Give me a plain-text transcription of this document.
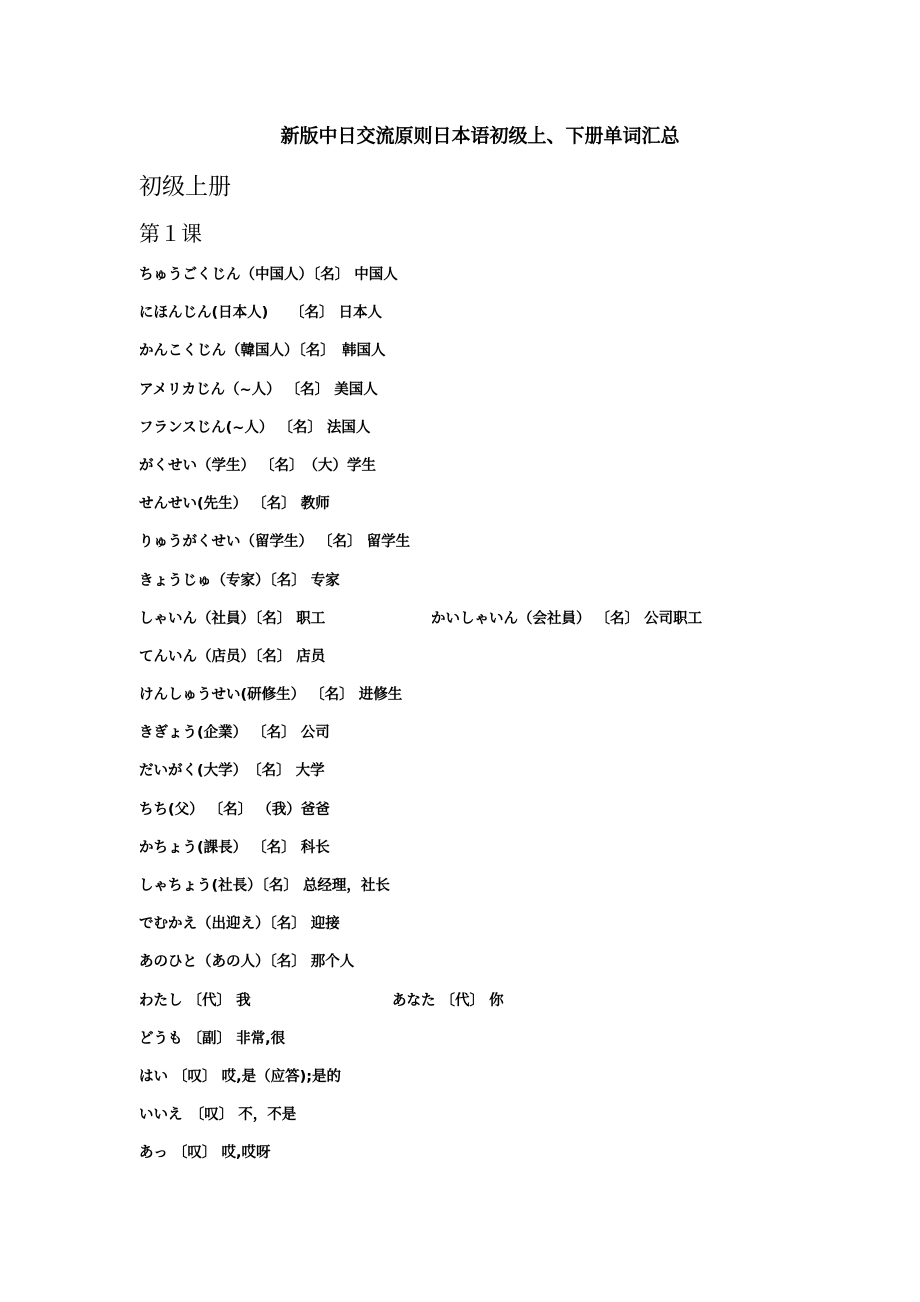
新版中日交流原则日本语初级上、下册单词汇总
初级上册
第１课
ちゅうごくじん（中国人）〔名〕 中国人
にほんじん(日本人)　　〔名〕 日本人
かんこくじん（韓国人）〔名〕　韩国人
アメリカじん（~人） 〔名〕 美国人
フランスじん(~人） 〔名〕 法国人
がくせい（学生） 〔名〕　（大）学生
せんせい(先生） 〔名〕 教师
りゅうがくせい（留学生） 〔名〕 留学生
きょうじゅ（专家）〔名〕 专家

しゃいん（社員）〔名〕 职工

	かいしゃいん（会社員） 〔名〕 公司职工

てんいん（店员）〔名〕 店员
けんしゅうせい(研修生） 〔名〕 进修生
きぎょう(企業） 〔名〕 公司
だいがく(大学）　〔名〕 大学
ちち(父） 〔名〕 （我）爸爸
かちょう(課長） 〔名〕 科长
しゃちょう(社長）〔名〕 总经理，社长
でむかえ（出迎え）〔名〕 迎接
あのひと（あの人）〔名〕 那个人

わたし 〔代〕 我

	あなた 〔代〕 你

どうも 〔副〕 非常,很
はい 〔叹〕 哎,是（应答);是的
いいえ　〔叹〕 不，不是
あっ 〔叹〕 哎,哎呀
